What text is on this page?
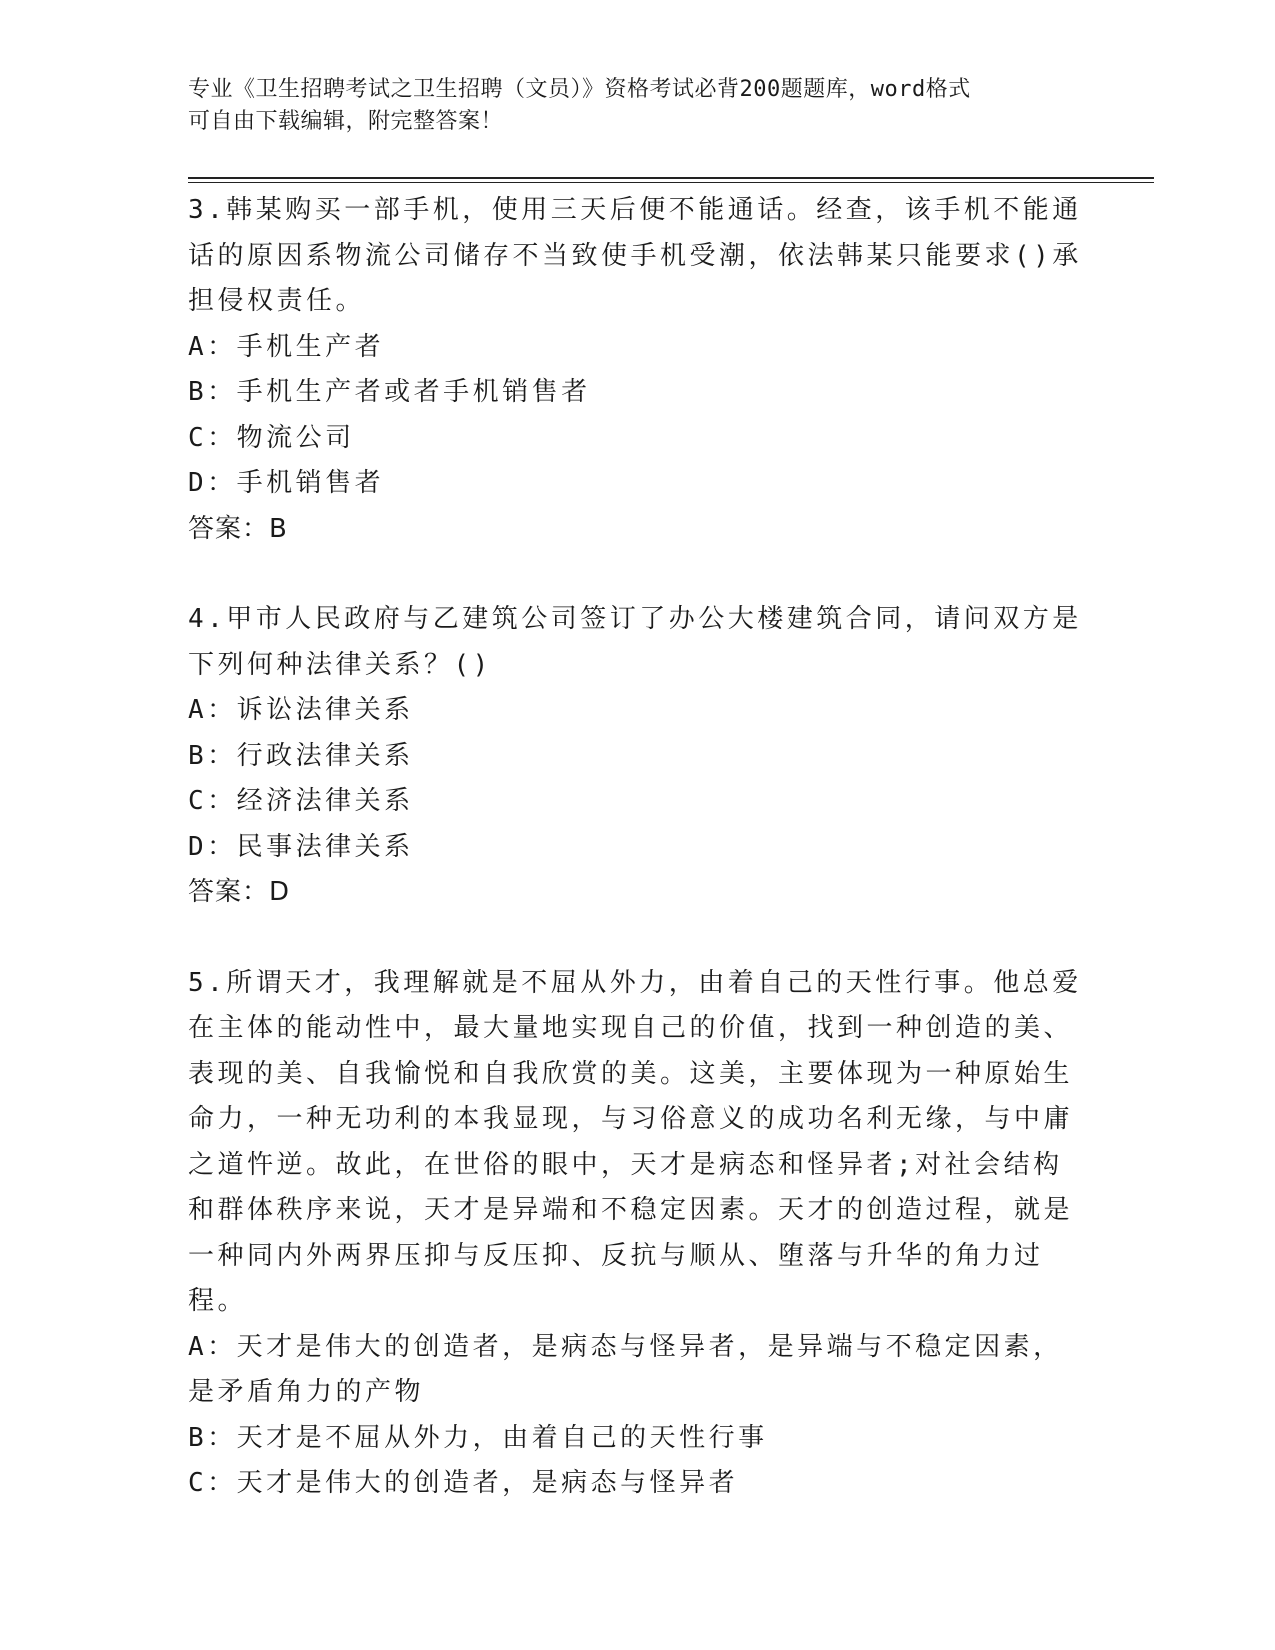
专业《卫生招聘考试之卫生招聘（文员）》资格考试必背200题题库，word格式
可自由下载编辑，附完整答案！
3.韩某购买一部手机，使用三天后便不能通话。经查，该手机不能通话的原因系物流公司储存不当致使手机受潮，依法韩某只能要求()承担侵权责任。
A：手机生产者
B：手机生产者或者手机销售者
C：物流公司
D：手机销售者
答案：B
4.甲市人民政府与乙建筑公司签订了办公大楼建筑合同，请问双方是下列何种法律关系？()
A：诉讼法律关系
B：行政法律关系
C：经济法律关系
D：民事法律关系
答案：D
5.所谓天才，我理解就是不屈从外力，由着自己的天性行事。他总爱在主体的能动性中，最大量地实现自己的价值，找到一种创造的美、表现的美、自我愉悦和自我欣赏的美。这美，主要体现为一种原始生命力，一种无功利的本我显现，与习俗意义的成功名利无缘，与中庸之道忤逆。故此，在世俗的眼中，天才是病态和怪异者;对社会结构和群体秩序来说，天才是异端和不稳定因素。天才的创造过程，就是一种同内外两界压抑与反压抑、反抗与顺从、堕落与升华的角力过程。
A：天才是伟大的创造者，是病态与怪异者，是异端与不稳定因素，是矛盾角力的产物
B：天才是不屈从外力，由着自己的天性行事
C：天才是伟大的创造者，是病态与怪异者
